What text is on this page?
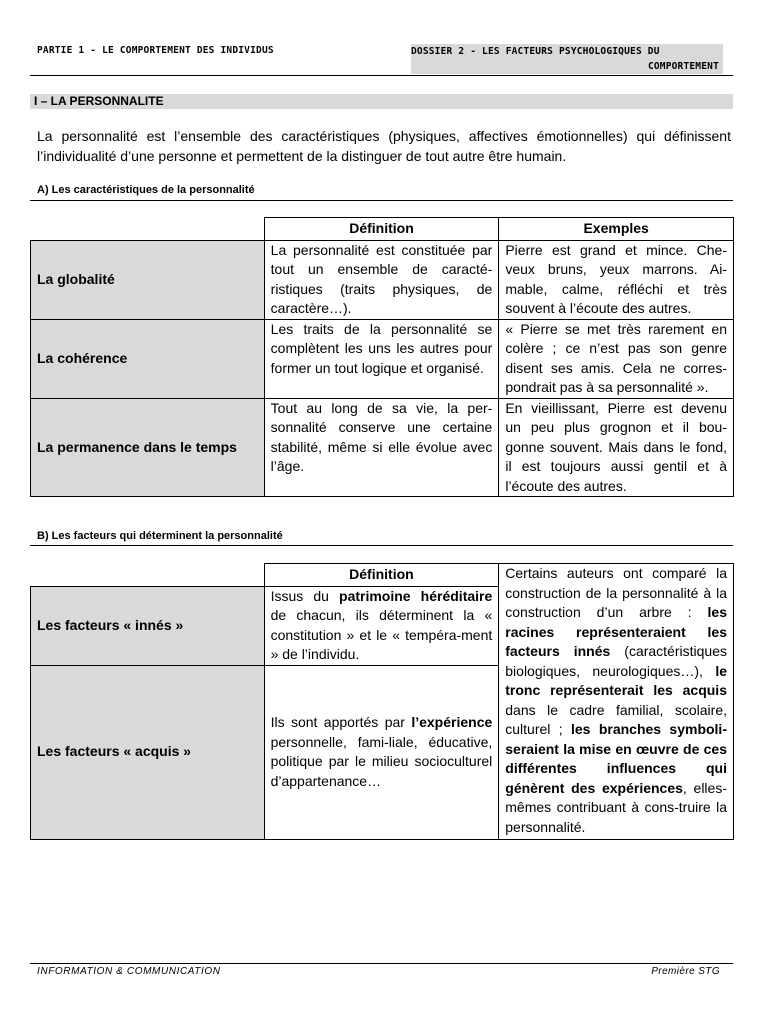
PARTIE 1 - LE COMPORTEMENT DES INDIVIDUS	DOSSIER 2 - LES FACTEURS PSYCHOLOGIQUES DU
COMPORTEMENT
I – LA PERSONNALITE
La personnalité est l’ensemble des caractéristiques (physiques, affectives émotionnelles) qui définissent l’individualité d’une personne et permettent de la distinguer de tout autre être humain.
A) Les caractéristiques de la personnalité
	Définition	Exemples
La globalité	La personnalité est constituée par tout un ensemble de caracté-ristiques (traits physiques, de caractère…).	Pierre est grand et mince. Che-veux bruns, yeux marrons. Ai-mable, calme, réfléchi et très souvent à l’écoute des autres.
La cohérence	Les traits de la personnalité se complètent les uns les autres pour former un tout logique et organisé.	« Pierre se met très rarement en colère ; ce n’est pas son genre disent ses amis. Cela ne corres-pondrait pas à sa personnalité ».
La permanence dans le temps	Tout au long de sa vie, la per-sonnalité conserve une certaine stabilité, même si elle évolue avec l’âge.	En vieillissant, Pierre est devenu un peu plus grognon et il bou-gonne souvent. Mais dans le fond, il est toujours aussi gentil et à l’écoute des autres.
B) Les facteurs qui déterminent la personnalité
	Définition	Certains auteurs ont comparé la construction de la personnalité à la construction d’un arbre : les racines représenteraient les facteurs innés (caractéristiques biologiques, neurologiques…), le tronc représenterait les acquis dans le cadre familial, scolaire, culturel ; les branches symboli-seraient la mise en œuvre de ces différentes influences qui génèrent des expériences, elles-mêmes contribuant à cons-truire la personnalité.
Les facteurs « innés »	Issus du patrimoine héréditaire de chacun, ils déterminent la « constitution » et le « tempéra-ment » de l’individu.	
Les facteurs « acquis »	Ils sont apportés par l’expérience personnelle, fami-liale, éducative, politique par le milieu socioculturel d’appartenance…	
INFORMATION & COMMUNICATION	Première STG
